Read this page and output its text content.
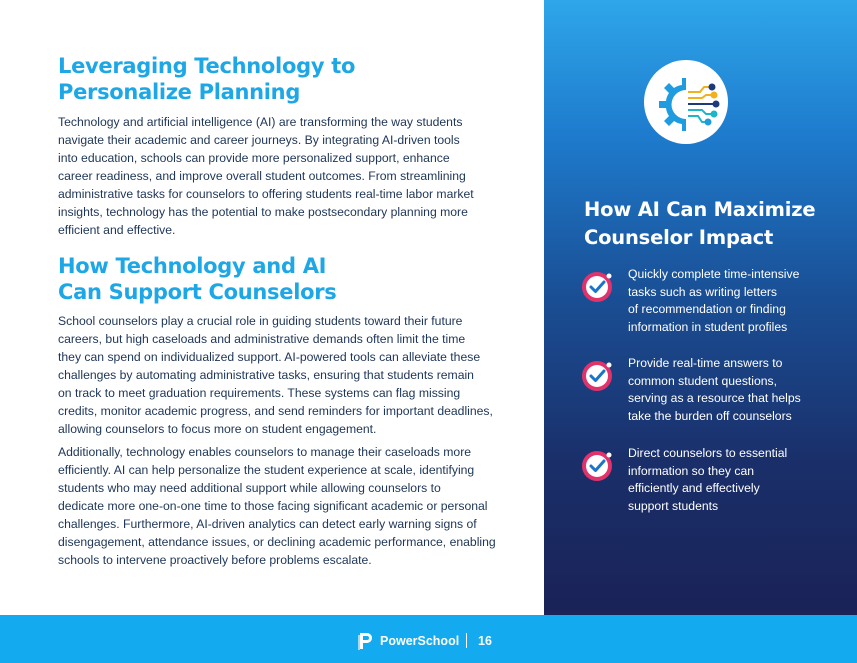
Leveraging Technology to
Personalize Planning
Technology and artificial intelligence (AI) are transforming the way students
navigate their academic and career journeys. By integrating AI-driven tools
into education, schools can provide more personalized support, enhance
career readiness, and improve overall student outcomes. From streamlining
administrative tasks for counselors to offering students real-time labor market
insights, technology has the potential to make postsecondary planning more
efficient and effective.
How Technology and AI
Can Support Counselors
School counselors play a crucial role in guiding students toward their future
careers, but high caseloads and administrative demands often limit the time
they can spend on individualized support. AI-powered tools can alleviate these
challenges by automating administrative tasks, ensuring that students remain
on track to meet graduation requirements. These systems can flag missing
credits, monitor academic progress, and send reminders for important deadlines,
allowing counselors to focus more on student engagement.
Additionally, technology enables counselors to manage their caseloads more
efficiently. AI can help personalize the student experience at scale, identifying
students who may need additional support while allowing counselors to
dedicate more one-on-one time to those facing significant academic or personal
challenges. Furthermore, AI-driven analytics can detect early warning signs of
disengagement, attendance issues, or declining academic performance, enabling
schools to intervene proactively before problems escalate.
How AI Can Maximize
Counselor Impact
Quickly complete time-intensive
tasks such as writing letters
of recommendation or finding
information in student profiles
Provide real-time answers to
common student questions,
serving as a resource that helps
take the burden off counselors
Direct counselors to essential
information so they can
efficiently and effectively
support students
PowerSchool 16
